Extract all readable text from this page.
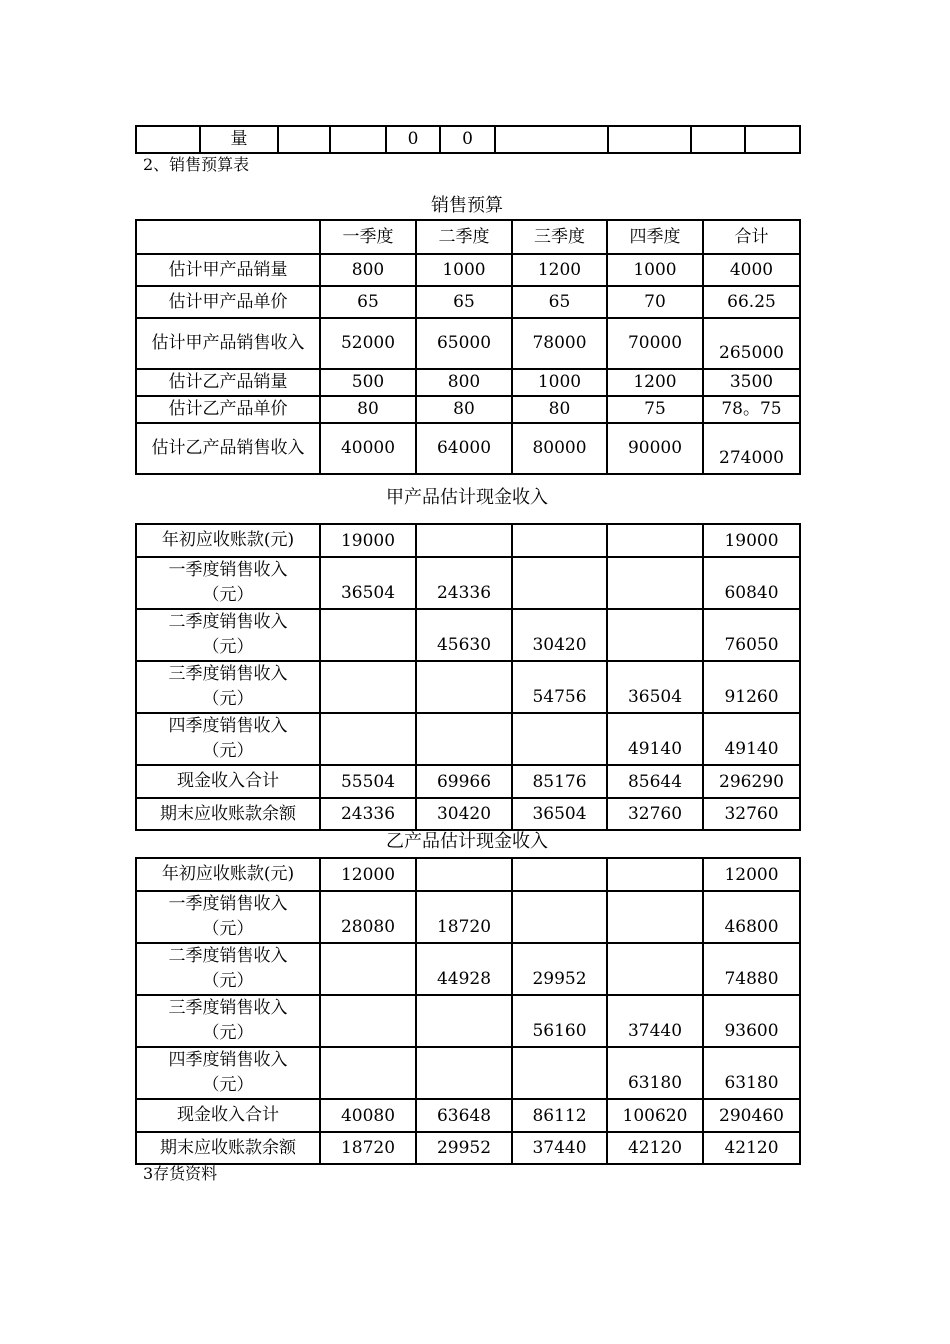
	量			0	0				
2、销售预算表
销售预算
	一季度	二季度	三季度	四季度	合计
估计甲产品销量	800	1000	1200	1000	4000
估计甲产品单价	65	65	65	70	66.25
估计甲产品销售收入	52000	65000	78000	70000	265000
估计乙产品销量	500	800	1000	1200	3500
估计乙产品单价	80	80	80	75	78。75
估计乙产品销售收入	40000	64000	80000	90000	274000
甲产品估计现金收入
年初应收账款(元)	19000				19000
一季度销售收入（元）	36504	24336			60840
二季度销售收入（元）		45630	30420		76050
三季度销售收入（元）			54756	36504	91260
四季度销售收入（元）				49140	49140
现金收入合计	55504	69966	85176	85644	296290
期末应收账款余额	24336	30420	36504	32760	32760
乙产品估计现金收入
年初应收账款(元)	12000				12000
一季度销售收入（元）	28080	18720			46800
二季度销售收入（元）		44928	29952		74880
三季度销售收入（元）			56160	37440	93600
四季度销售收入（元）				63180	63180
现金收入合计	40080	63648	86112	100620	290460
期末应收账款余额	18720	29952	37440	42120	42120
3存货资料
